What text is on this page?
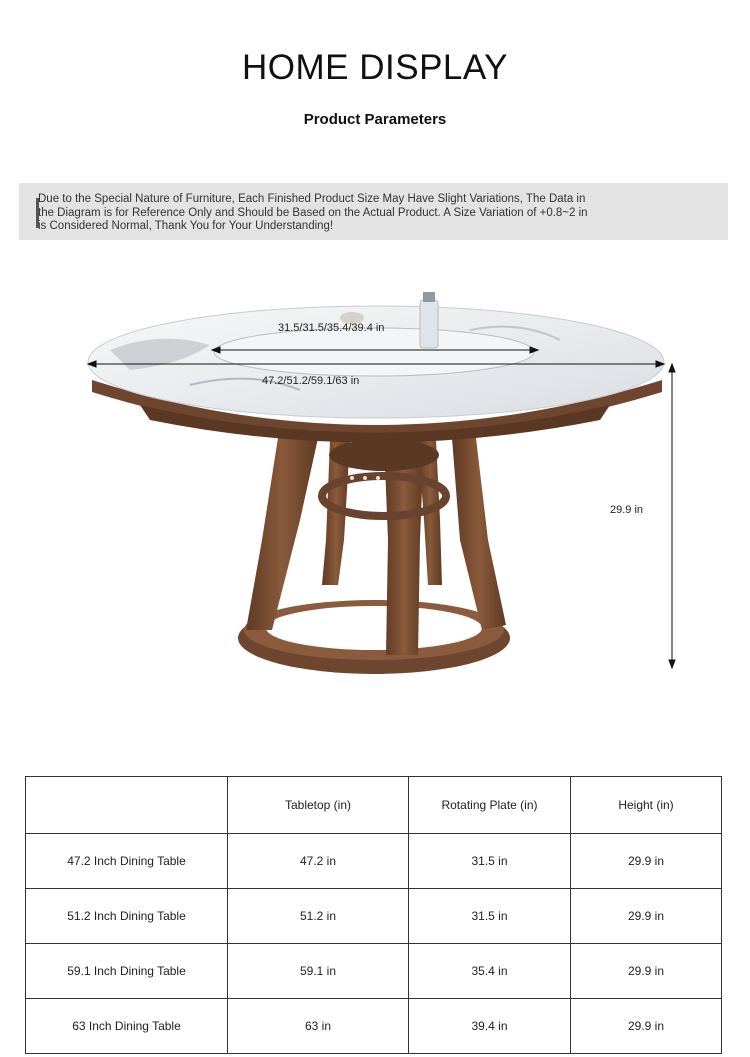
HOME DISPLAY
Product Parameters
Due to the Special Nature of Furniture, Each Finished Product Size May Have Slight Variations, The Data in the Diagram is for Reference Only and Should be Based on the Actual Product. A Size Variation of +0.8~2 in is Considered Normal, Thank You for Your Understanding!
31.5/31.5/35.4/39.4 in
47.2/51.2/59.1/63 in
29.9 in
	Tabletop (in)	Rotating Plate (in)	Height (in)
47.2 Inch Dining Table	47.2 in	31.5 in	29.9 in
51.2 Inch Dining Table	51.2 in	31.5 in	29.9 in
59.1 Inch Dining Table	59.1 in	35.4 in	29.9 in
63 Inch Dining Table	63 in	39.4 in	29.9 in
